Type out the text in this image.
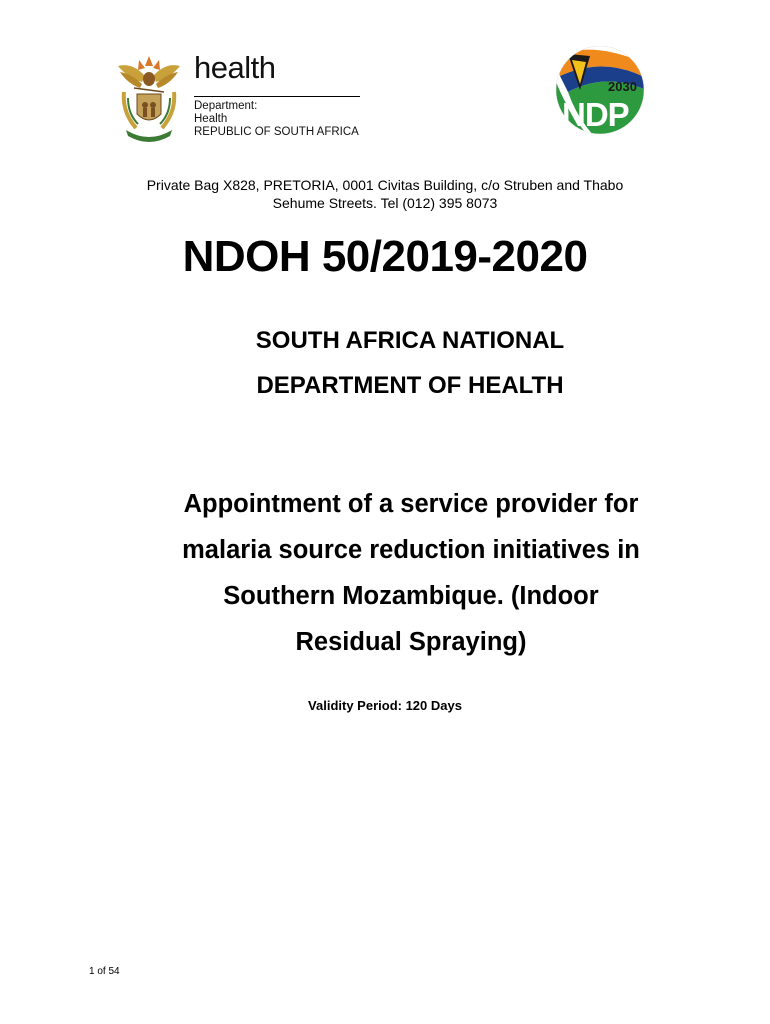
health
Department:
Health
REPUBLIC OF SOUTH AFRICA
2030
NDP
Private Bag X828, PRETORIA, 0001 Civitas Building, c/o Struben and Thabo
Sehume Streets. Tel (012) 395 8073
NDOH 50/2019-2020
SOUTH AFRICA NATIONAL
DEPARTMENT OF HEALTH
Appointment of a service provider for
malaria source reduction initiatives in
Southern Mozambique. (Indoor
Residual Spraying)
Validity Period: 120 Days
1 of 54
